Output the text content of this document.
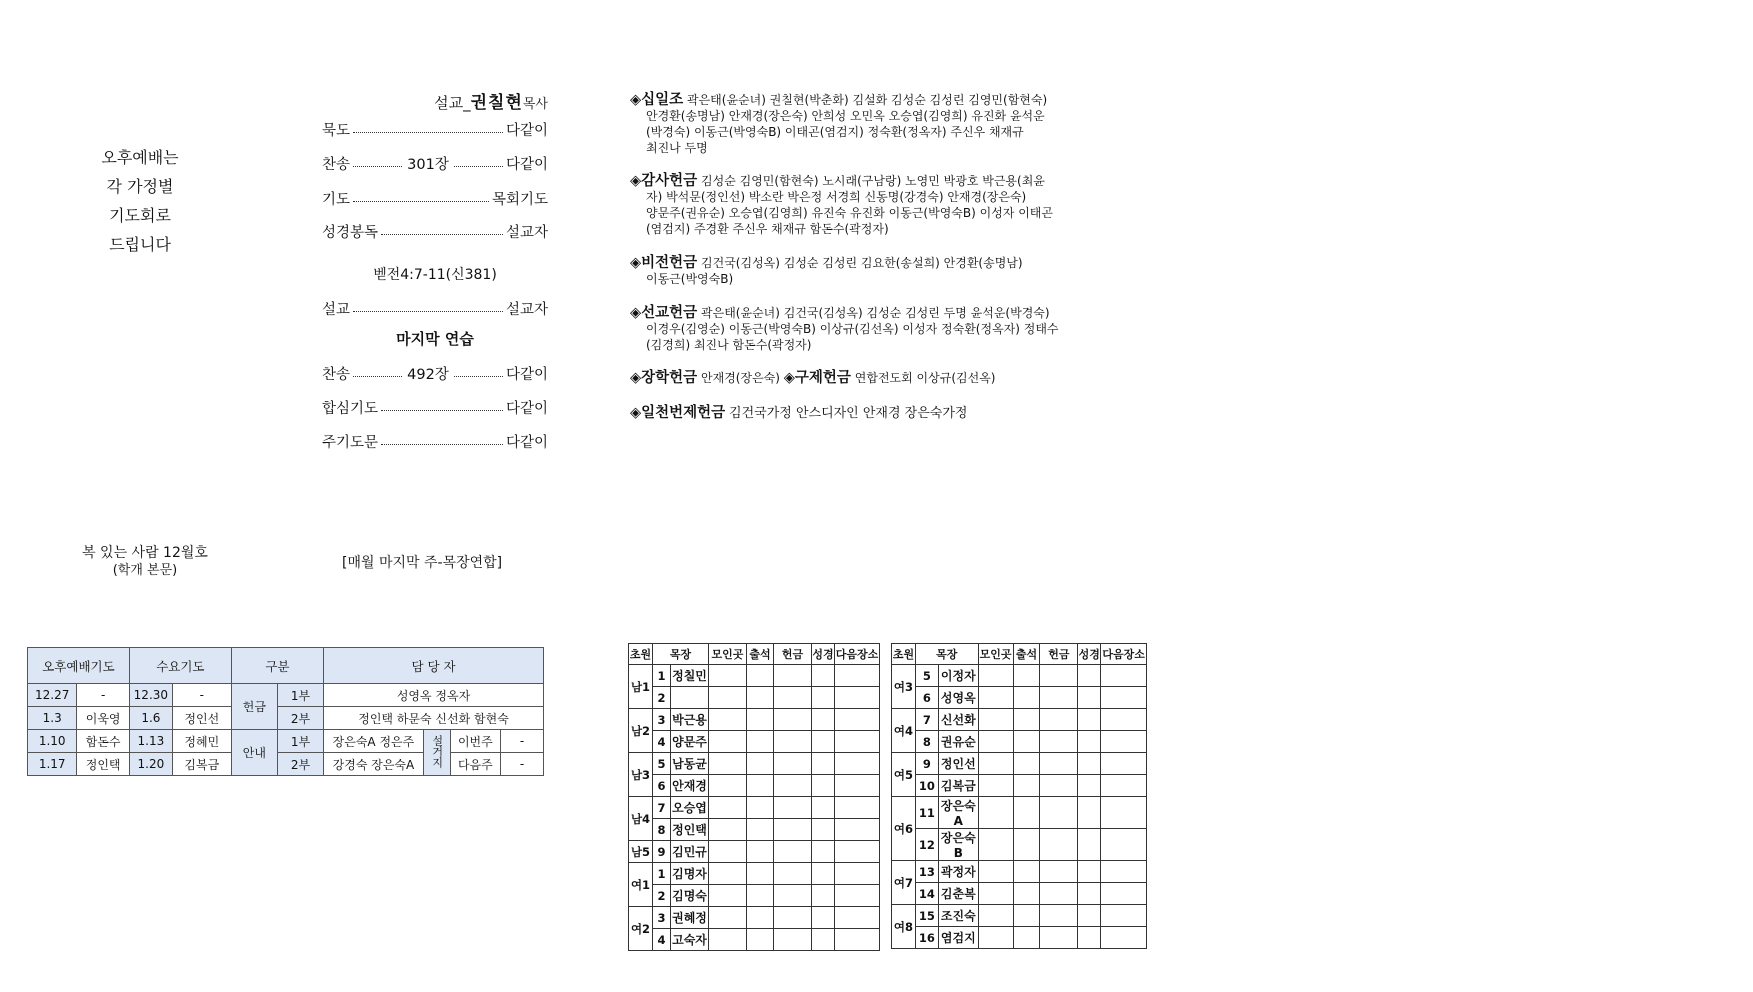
오후예배는
각 가정별
기도회로
드립니다
설교_권칠현목사
묵도	다같이
찬송	301장	다같이
기도	목회기도
성경봉독	설교자
벧전4:7-11(신381)
설교	설교자
마지막 연습
찬송	492장	다같이
합심기도	다같이
주기도문	다같이
◈십일조 곽은태(윤순녀) 권칠현(박춘화) 김설화 김성순 김성린 김영민(함현숙)
안경환(송명남) 안재경(장은숙) 안희성 오민옥 오승엽(김영희) 유진화 윤석운
(박경숙) 이동근(박영숙B) 이태곤(염검지) 정숙환(정옥자) 주신우 채재규
최진나 두명
◈감사헌금 김성순 김영민(함현숙) 노시래(구남랑) 노영민 박광호 박근용(최윤
자) 박석문(정인선) 박소란 박은정 서경희 신동명(강경숙) 안재경(장은숙)
양문주(권유순) 오승엽(김영희) 유진숙 유진화 이동근(박영숙B) 이성자 이태곤
(염검지) 주경환 주신우 채재규 함돈수(곽정자)
◈비전헌금 김건국(김성옥) 김성순 김성린 김요한(송설희) 안경환(송명남)
이동근(박영숙B)
◈선교헌금 곽은태(윤순녀) 김건국(김성옥) 김성순 김성린 두명 윤석운(박경숙)
이경우(김영순) 이동근(박영숙B) 이상규(김선옥) 이성자 정숙환(정옥자) 정태수
(김경희) 최진나 함돈수(곽정자)
◈장학헌금 안재경(장은숙) ◈구제헌금 연합전도회 이상규(김선옥)
◈일천번제헌금 김건국가정 안스디자인 안재경 장은숙가정
복 있는 사람 12월호
(학개 본문)	[매월 마지막 주-목장연합]
오후예배기도		수요기도		구분		담 당 자			
12.27	-	12.30	-	헌금	1부	성영옥 정옥자			
1.3	이욱영	1.6	정인선		2부	정인택 하문숙 신선화 함현숙			
1.10	함돈수	1.13	정혜민	안내	1부	장은숙A 정은주	설거지	이번주	-
1.17	정인택	1.20	김복금		2부	강경숙 장은숙A		다음주	-
초원	목장		모인곳	출석	헌금	성경	다음장소
남1	1	정칠민					
	2						
남2	3	박근용					
	4	양문주					
남3	5	남동균					
	6	안재경					
남4	7	오승엽					
	8	정인택					
남5	9	김민규					
여1	1	김명자					
	2	김명숙					
여2	3	권혜정					
	4	고숙자					
초원	목장		모인곳	출석	헌금	성경	다음장소
여3	5	이정자					
	6	성영옥					
여4	7	신선화					
	8	권유순					
여5	9	정인선					
	10	김복금					
여6	11	장은숙A					
	12	장은숙B					
여7	13	곽정자					
	14	김춘복					
여8	15	조진숙					
	16	염검지					
